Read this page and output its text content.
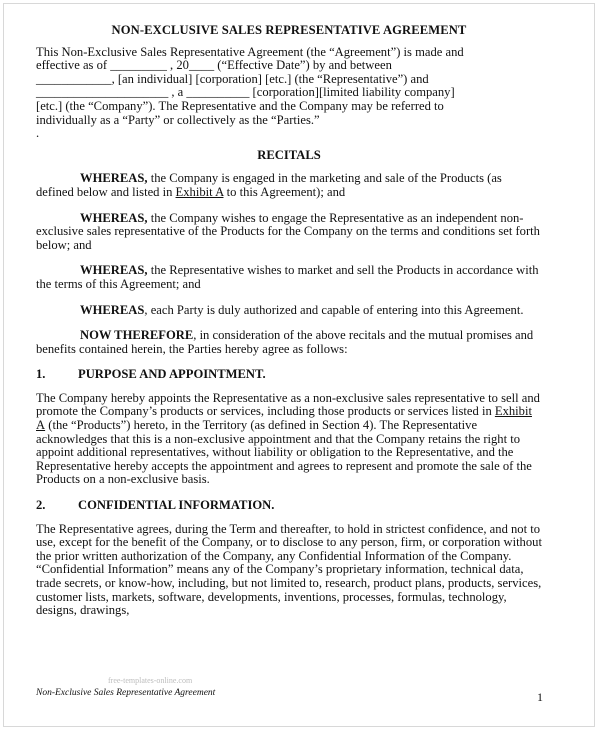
NON-EXCLUSIVE SALES REPRESENTATIVE AGREEMENT

This Non-Exclusive Sales Representative Agreement (the “Agreement”) is made and

effective as of _________ , 20____ (“Effective Date”) by and between

____________, [an individual] [corporation] [etc.] (the “Representative”) and

_____________________ , a __________ [corporation][limited liability company]

[etc.] (the “Company”). The Representative and the Company may be referred to

individually as a “Party” or collectively as the “Parties.”

.

RECITALS

WHEREAS, the Company is engaged in the marketing and sale of the Products (as defined below and listed in Exhibit A to this Agreement); and

WHEREAS, the Company wishes to engage the Representative as an independent non-exclusive sales representative of the Products for the Company on the terms and conditions set forth below; and

WHEREAS, the Representative wishes to market and sell the Products in accordance with the terms of this Agreement; and

WHEREAS, each Party is duly authorized and capable of entering into this Agreement.

NOW THEREFORE, in consideration of the above recitals and the mutual promises and benefits contained herein, the Parties hereby agree as follows:

1.	PURPOSE AND APPOINTMENT.

The Company hereby appoints the Representative as a non-exclusive sales representative to sell and promote the Company’s products or services, including those products or services listed in Exhibit A (the “Products”) hereto, in the Territory (as defined in Section 4). The Representative acknowledges that this is a non-exclusive appointment and that the Company retains the right to appoint additional representatives, without liability or obligation to the Representative, and the Representative hereby accepts the appointment and agrees to represent and promote the sale of the Products on a non-exclusive basis.

2.	CONFIDENTIAL INFORMATION.

The Representative agrees, during the Term and thereafter, to hold in strictest confidence, and not to use, except for the benefit of the Company, or to disclose to any person, firm, or corporation without the prior written authorization of the Company, any Confidential Information of the Company. “Confidential Information” means any of the Company’s proprietary information, technical data, trade secrets, or know-how, including, but not limited to, research, product plans, products, services, customer lists, markets, software, developments, inventions, processes, formulas, technology, designs, drawings,

free-templates-online.com
Non-Exclusive Sales Representative Agreement	1
